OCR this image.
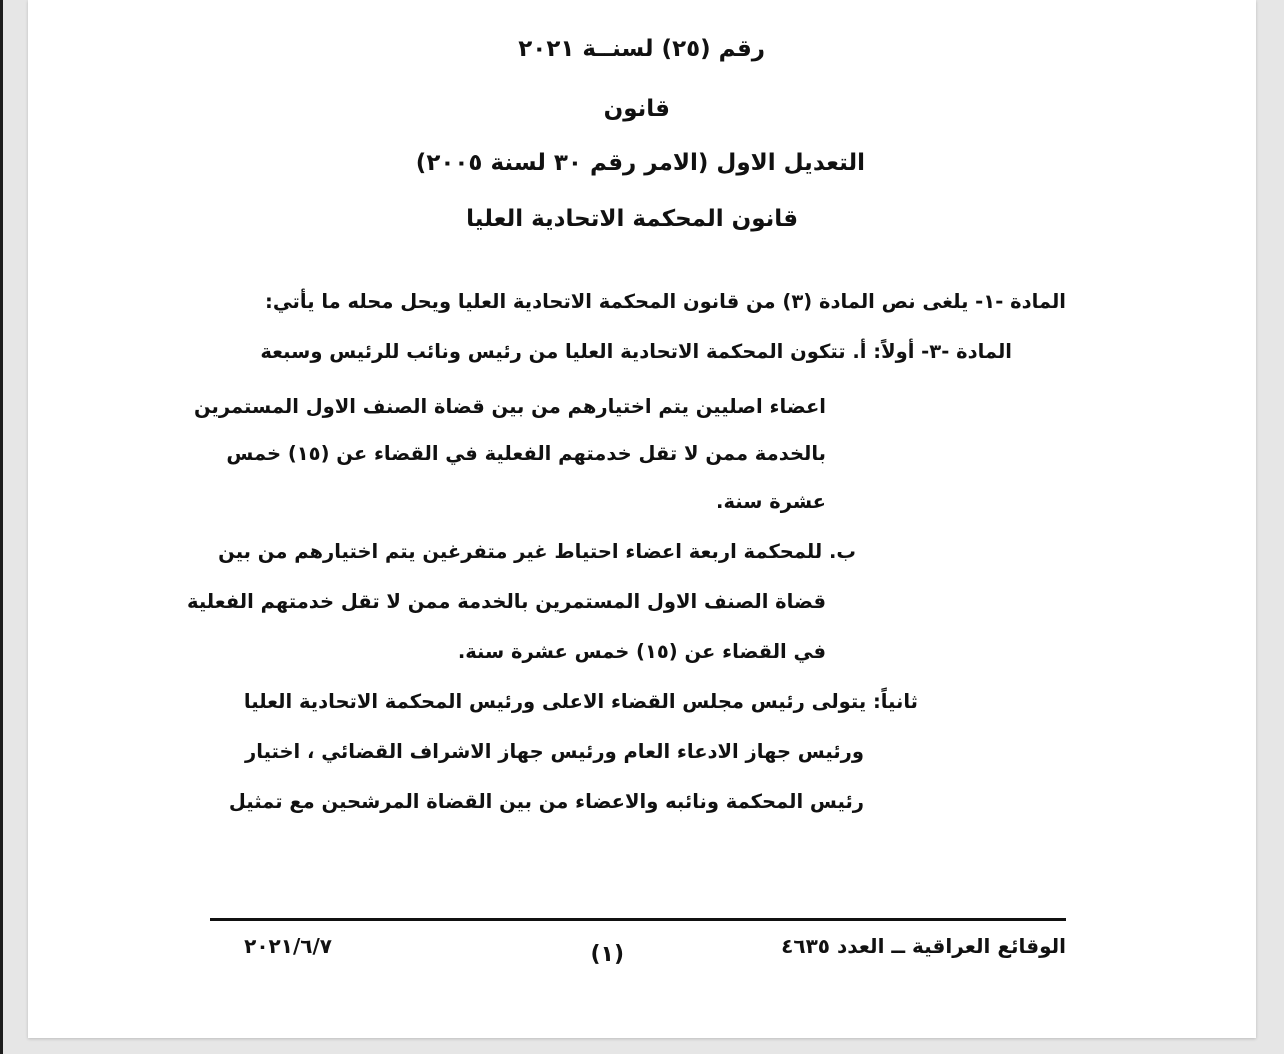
رقم (٢٥) لسنــة ٢٠٢١
قانون
التعديل الاول (الامر رقم ٣٠ لسنة ٢٠٠٥)
قانون المحكمة الاتحادية العليا
المادة -١- يلغى نص المادة (٣) من قانون المحكمة الاتحادية العليا ويحل محله ما يأتي:
المادة -٣- أولاً: أ. تتكون المحكمة الاتحادية العليا من رئيس ونائب للرئيس وسبعة
اعضاء اصليين يتم اختيارهم من بين قضاة الصنف الاول المستمرين
بالخدمة ممن لا تقل خدمتهم الفعلية في القضاء عن (١٥) خمس
عشرة سنة.
ب. للمحكمة اربعة اعضاء احتياط غير متفرغين يتم اختيارهم من بين
قضاة الصنف الاول المستمرين بالخدمة ممن لا تقل خدمتهم الفعلية
في القضاء عن (١٥) خمس عشرة سنة.
ثانياً: يتولى رئيس مجلس القضاء الاعلى ورئيس المحكمة الاتحادية العليا
ورئيس جهاز الادعاء العام ورئيس جهاز الاشراف القضائي ، اختيار
رئيس المحكمة ونائبه والاعضاء من بين القضاة المرشحين مع تمثيل
الوقائع العراقية ــ العدد ٤٦٣٥
(١)
٢٠٢١/٦/٧
